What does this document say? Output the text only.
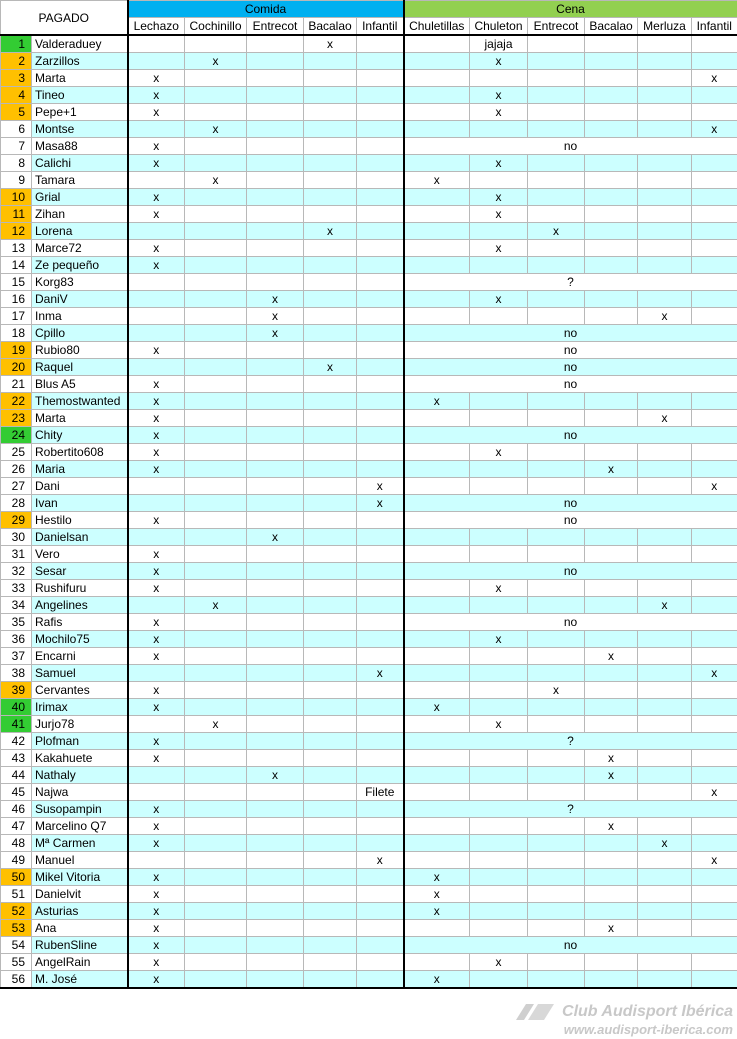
PAGADO		Comida					Cena					
		Lechazo	Cochinillo	Entrecot	Bacalao	Infantil	Chuletillas	Chuleton	Entrecot	Bacalao	Merluza	Infantil
1	Valderaduey				x			jajaja				
2	Zarzillos		x					x				
3	Marta	x										x
4	Tineo	x						x				
5	Pepe+1	x						x				
6	Montse		x									x
7	Masa88	x					no					
8	Calichi	x						x				
9	Tamara		x				x					
10	Grial	x						x				
11	Zihan	x						x				
12	Lorena				x				x			
13	Marce72	x						x				
14	Ze pequeño	x										
15	Korg83						?					
16	DaniV			x				x				
17	Inma			x							x	
18	Cpillo			x			no					
19	Rubio80	x					no					
20	Raquel				x		no					
21	Blus A5	x					no					
22	Themostwanted	x					x					
23	Marta	x									x	
24	Chity	x					no					
25	Robertito608	x						x				
26	Maria	x								x		
27	Dani					x						x
28	Ivan					x	no					
29	Hestilo	x					no					
30	Danielsan			x								
31	Vero	x										
32	Sesar	x					no					
33	Rushifuru	x						x				
34	Angelines		x								x	
35	Rafis	x					no					
36	Mochilo75	x						x				
37	Encarni	x								x		
38	Samuel					x						x
39	Cervantes	x							x			
40	Irimax	x					x					
41	Jurjo78		x					x				
42	Plofman	x					?					
43	Kakahuete	x								x		
44	Nathaly			x						x		
45	Najwa					Filete						x
46	Susopampin	x					?					
47	Marcelino Q7	x								x		
48	Mª Carmen	x									x	
49	Manuel					x						x
50	Mikel Vitoria	x					x					
51	Danielvit	x					x					
52	Asturias	x					x					
53	Ana	x								x		
54	RubenSline	x					no					
55	AngelRain	x						x				
56	M. José	x					x					
Club Audisport Ibérica
www.audisport-iberica.com
